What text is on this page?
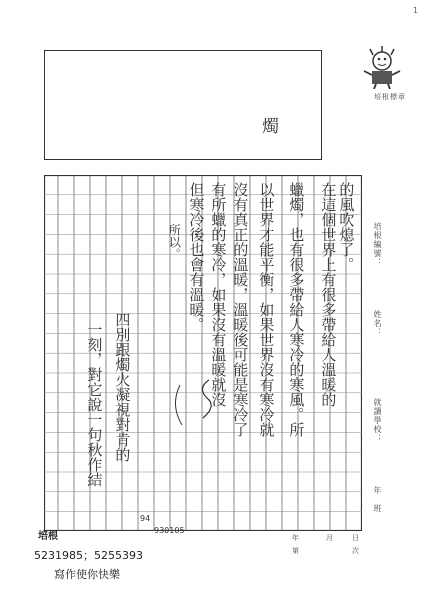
1
培根標章
燭
的風吹熄了。
在這個世界上有很多帶給人溫暖的
蠟燭，也有很多帶給人寒冷的寒風。所
以世界才能平衡，如果世界沒有寒冷就
沒有真正的溫暖，溫暖後可能是寒冷了
有所蠟的寒冷，如果沒有溫暖就沒
但寒冷後也會有溫暖。
所以。
四別跟燭火凝視對肯的
一刻，對它說一句秋作結
培根編號：
姓名：
就讀學校：
年　班
年	月	日
第	次
培根
5231985；5255393
寫作使你快樂
94
930105
